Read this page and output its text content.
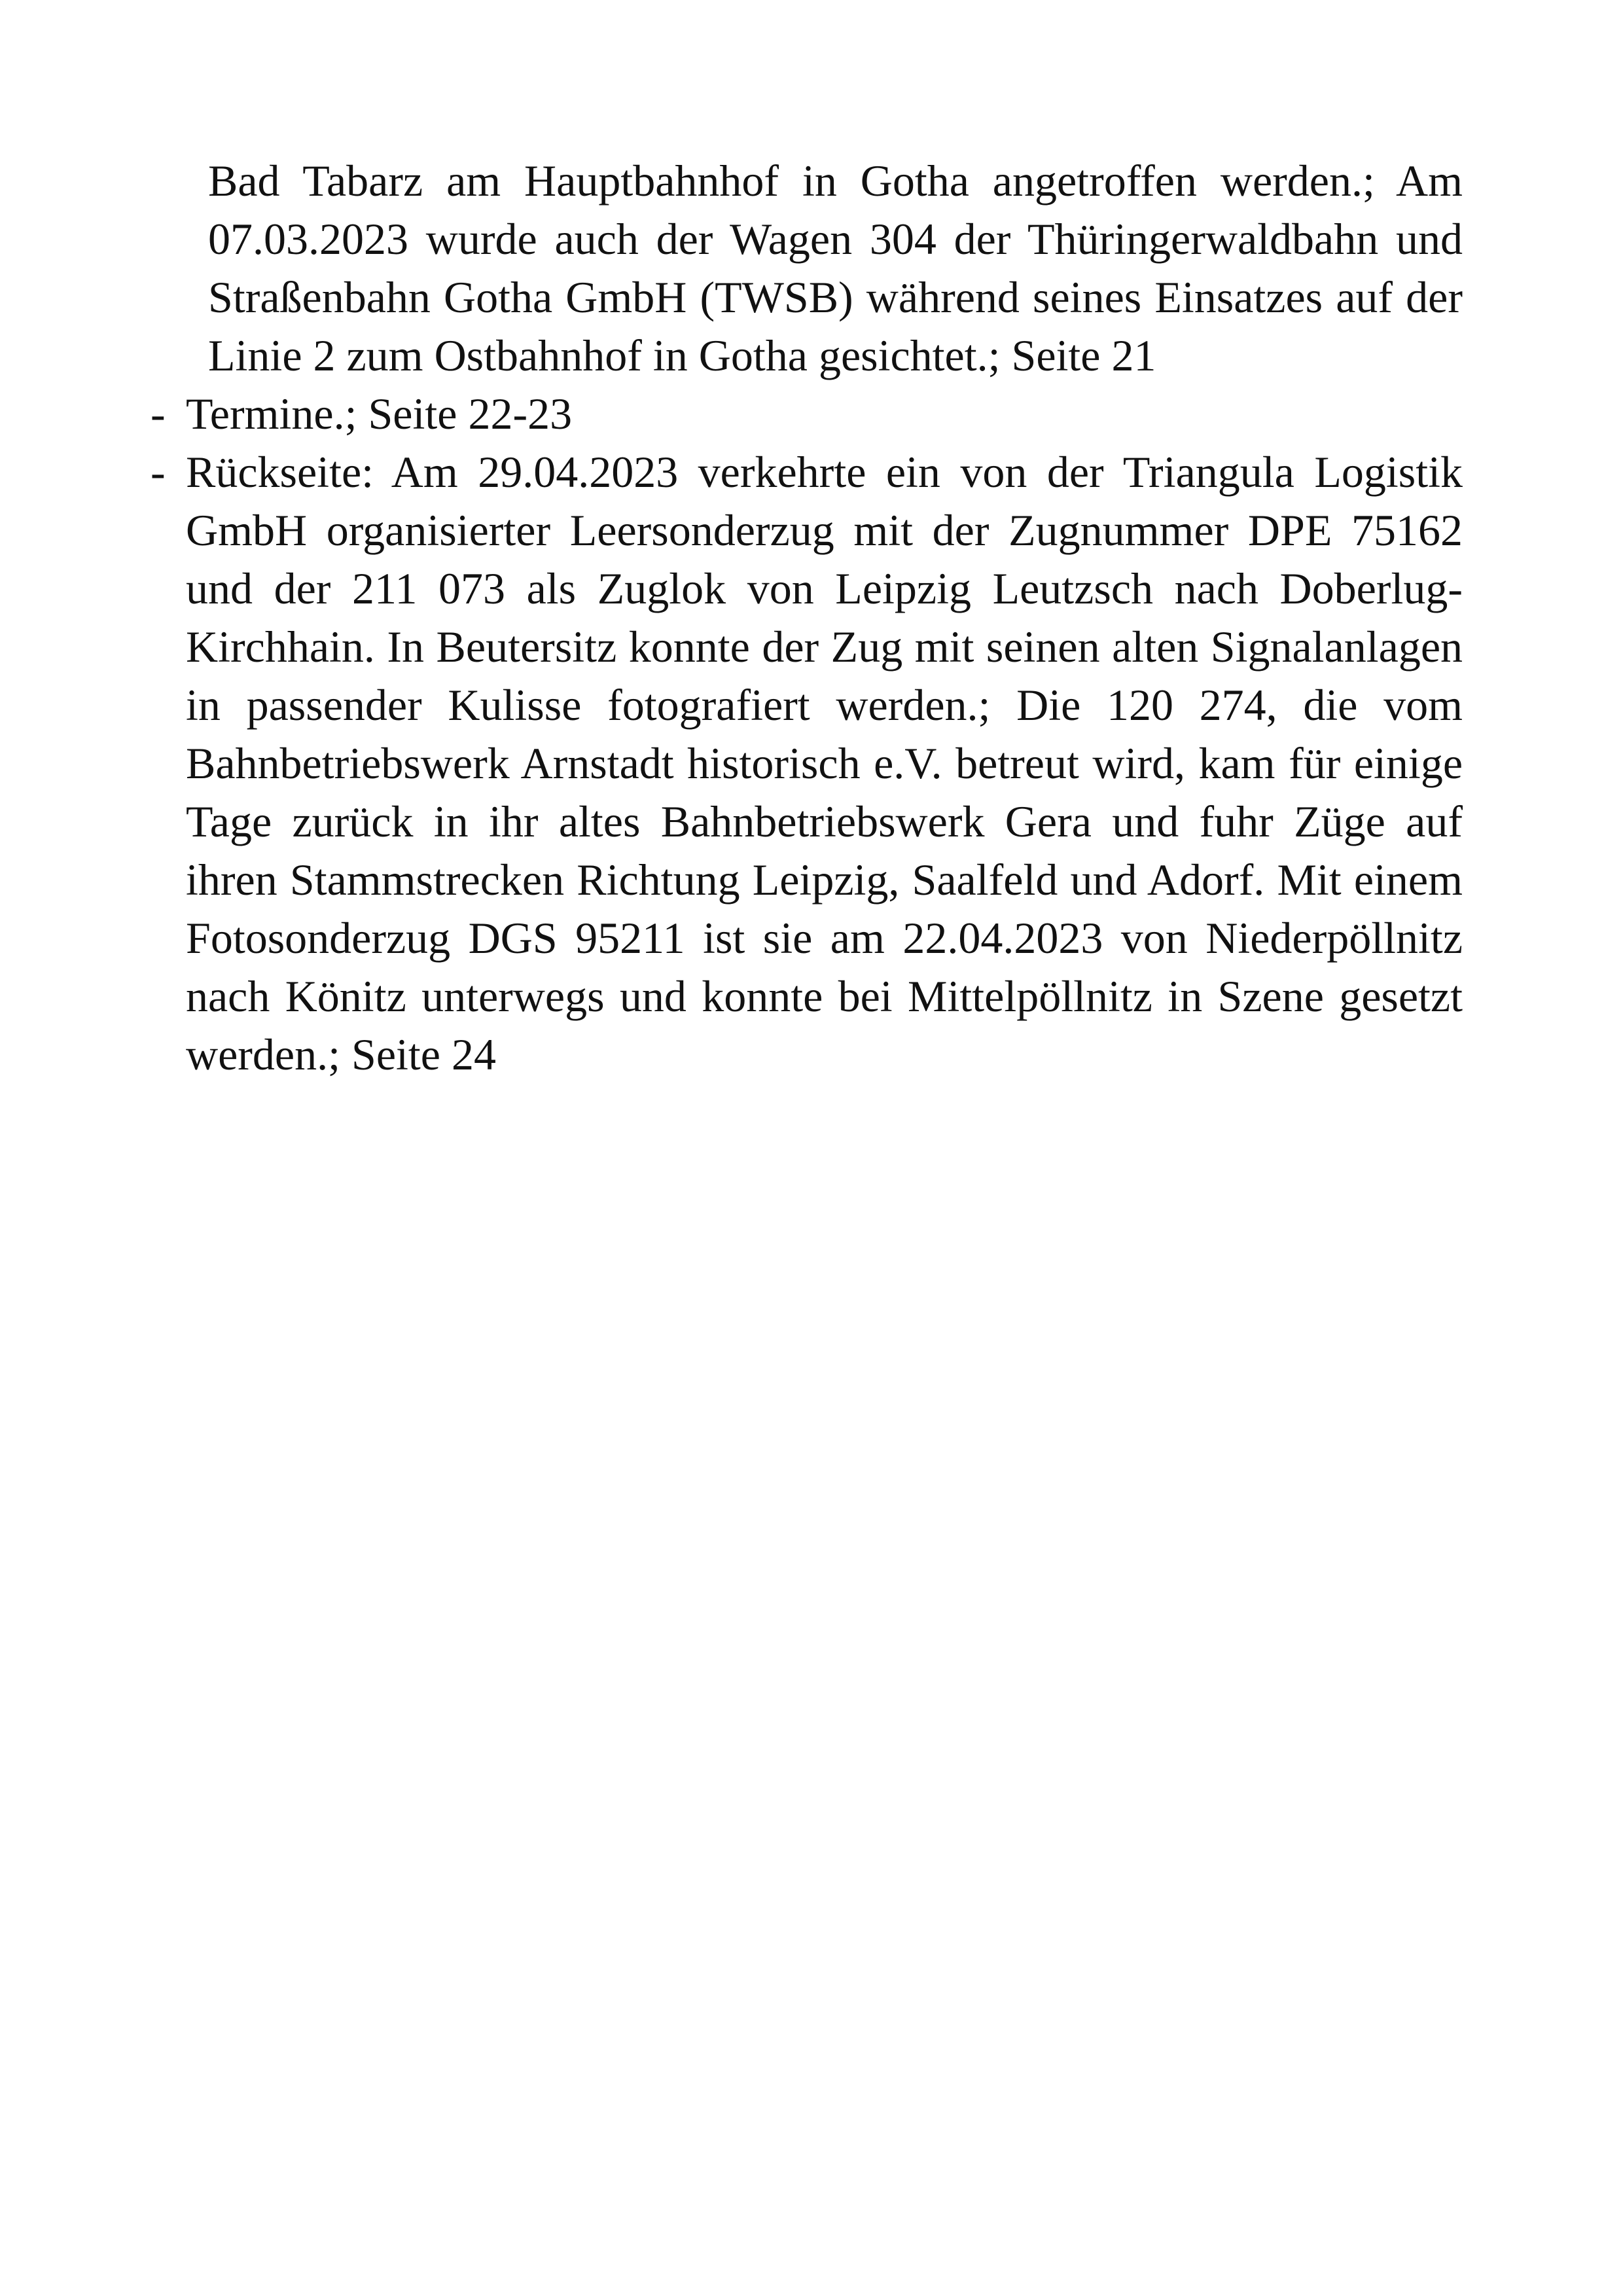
Bad Tabarz am Hauptbahnhof in Gotha angetroffen werden.; Am 07.03.2023 wurde auch der Wagen 304 der Thüringerwaldbahn und Straßenbahn Gotha GmbH (TWSB) während seines Einsatzes auf der Linie 2 zum Ostbahnhof in Gotha gesichtet.; Seite 21

- Termine.; Seite 22-23
- Rückseite: Am 29.04.2023 verkehrte ein von der Triangula Logistik GmbH organisierter Leersonderzug mit der Zugnummer DPE 75162 und der 211 073 als Zuglok von Leipzig Leutzsch nach Doberlug-Kirchhain. In Beutersitz konnte der Zug mit seinen alten Signalanlagen in passender Kulisse fotografiert werden.; Die 120 274, die vom Bahnbetriebswerk Arnstadt historisch e.V. betreut wird, kam für einige Tage zurück in ihr altes Bahnbetriebswerk Gera und fuhr Züge auf ihren Stammstrecken Richtung Leipzig, Saalfeld und Adorf. Mit einem Fotosonderzug DGS 95211 ist sie am 22.04.2023 von Niederpöllnitz nach Könitz unterwegs und konnte bei Mittelpöllnitz in Szene gesetzt werden.; Seite 24
